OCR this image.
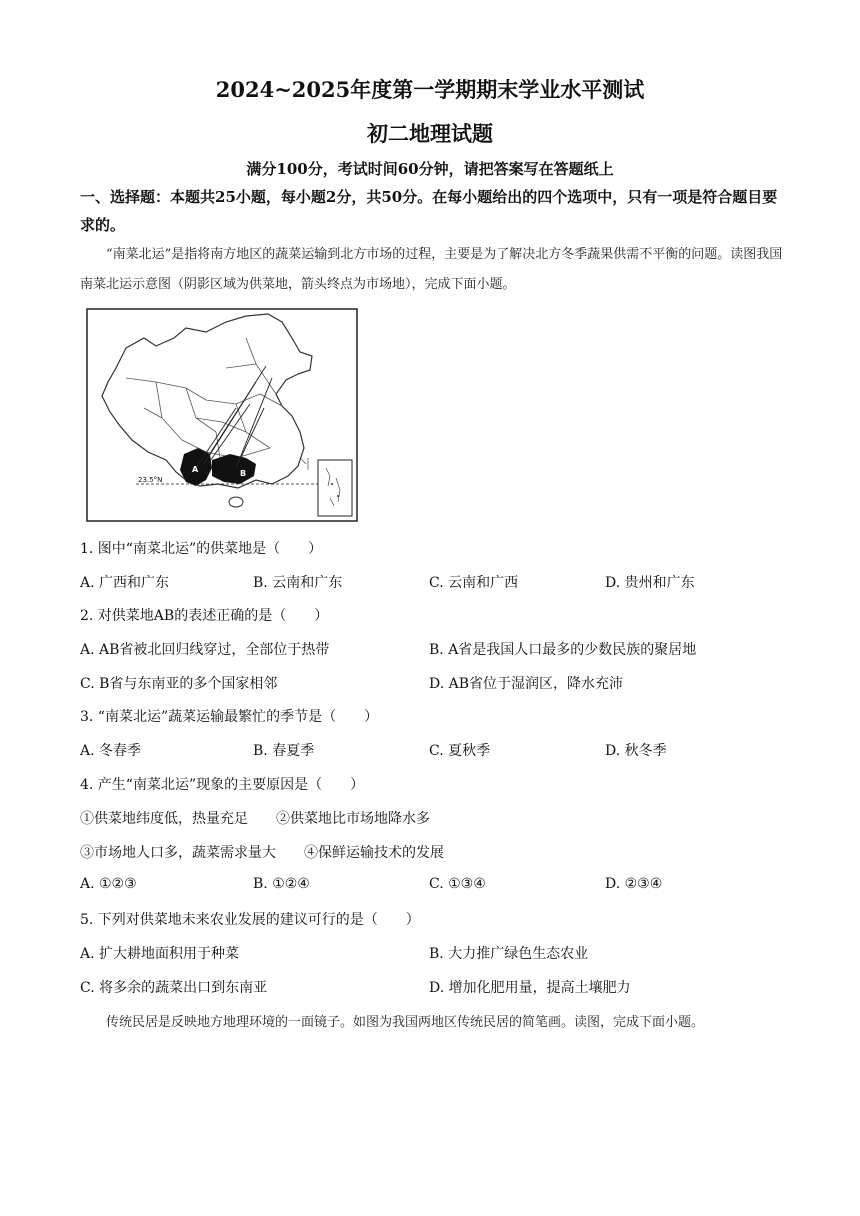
2024~2025年度第一学期期末学业水平测试
初二地理试题
满分100分，考试时间60分钟，请把答案写在答题纸上
一、选择题：本题共25小题，每小题2分，共50分。在每小题给出的四个选项中，只有一项是符合题目要求的。
“南菜北运”是指将南方地区的蔬菜运输到北方市场的过程，主要是为了解决北方冬季蔬果供需不平衡的问题。读图我国南菜北运示意图（阴影区域为供菜地，箭头终点为市场地），完成下面小题。
23.5°N
A	B
1. 图中“南菜北运”的供菜地是（　　）
A. 广西和广东	B. 云南和广东	C. 云南和广西	D. 贵州和广东
2. 对供菜地AB的表述正确的是（　　）
A. AB省被北回归线穿过，全部位于热带	B. A省是我国人口最多的少数民族的聚居地
C. B省与东南亚的多个国家相邻	D. AB省位于湿润区，降水充沛
3. “南菜北运”蔬菜运输最繁忙的季节是（　　）
A. 冬春季	B. 春夏季	C. 夏秋季	D. 秋冬季
4. 产生“南菜北运”现象的主要原因是（　　）
①供菜地纬度低，热量充足　　②供菜地比市场地降水多
③市场地人口多，蔬菜需求量大　　④保鲜运输技术的发展
A. ①②③	B. ①②④	C. ①③④	D. ②③④
5. 下列对供菜地未来农业发展的建议可行的是（　　）
A. 扩大耕地面积用于种菜	B. 大力推广绿色生态农业
C. 将多余的蔬菜出口到东南亚	D. 增加化肥用量，提高土壤肥力
传统民居是反映地方地理环境的一面镜子。如图为我国两地区传统民居的简笔画。读图，完成下面小题。
